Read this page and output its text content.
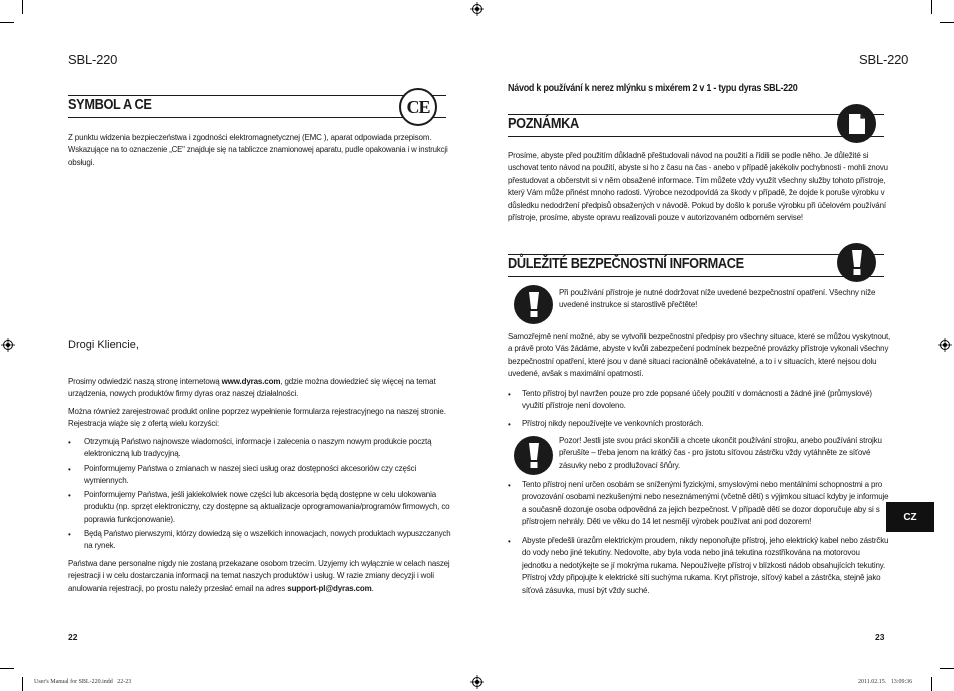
SBL-220
SYMBOL A CE	CE

Z punktu widzenia bezpieczeństwa i zgodności elektromagnetycznej (EMC ), aparat odpowiada przepisom.

Wskazujące na to oznaczenie „CE" znajduje się na tabliczce znamionowej aparatu, pudle opakowania i w instrukcji

obsługi.

Drogi Kliencie,

Prosimy odwiedzić naszą stronę internetową www.dyras.com, gdzie można dowiedzieć się więcej na temat

urządzenia, nowych produktów firmy dyras oraz naszej działalności.

Można również zarejestrować produkt online poprzez wypełnienie formularza rejestracyjnego na naszej stronie.

Rejestracja wiąże się z ofertą wielu korzyści:

• Otrzymują Państwo najnowsze wiadomości, informacje i zalecenia o naszym nowym produkcie pocztą

elektroniczną lub tradycyjną.

• Poinformujemy Państwa o zmianach w naszej sieci usług oraz dostępności akcesoriów czy części

wymiennych.

• Poinformujemy Państwa, jeśli jakiekolwiek nowe części lub akcesoria będą dostępne w celu ulokowania

produktu (np. sprzęt elektroniczny, czy dostępne są aktualizacje oprogramowania/programów firmowych, co

poprawia funkcjonowanie).

• Będą Państwo pierwszymi, którzy dowiedzą się o wszelkich innowacjach, nowych produktach wypuszczanych

na rynek.

Państwa dane personalne nigdy nie zostaną przekazane osobom trzecim. Uzyjemy ich wyłącznie w celach naszej

rejestracji i w celu dostarczania informacji na temat naszych produktów i usług. W razie zmiany decyzji i woli

anulowania rejestracji, po prostu należy przesłać email na adres support-pl@dyras.com.

22
SBL-220
Návod k používání k nerez mlýnku s mixérem 2 v 1 - typu dyras SBL-220
POZNÁMKA

Prosíme, abyste před použitím důkladně přeštudovali návod na použití a řídili se podle něho. Je důležité si

uschovat tento návod na použití, abyste si ho z času na čas - anebo v případě jakékoliv pochybnosti - mohli znovu

přestudovat a občerstvit si v něm obsažené informace. Tím můžete vždy využít všechny služby tohoto přístroje,

který Vám může přinést mnoho radosti. Výrobce nezodpovídá za škody v případě, že dojde k poruše výrobku v

důsledku nedodržení předpisů obsažených v návodě. Pokud by došlo k poruše výrobku při účelovém používání

přístroje, prosíme, abyste opravu realizovali pouze v autorizovaném odborném servise!

DŮLEŽITÉ BEZPEČNOSTNÍ INFORMACE

Při používání přístroje je nutné dodržovat níže uvedené bezpečnostní opatření. Všechny níže

uvedené instrukce si starostlivě přečtěte!

Samozřejmě není možné, aby se vytvořili bezpečnostní předpisy pro všechny situace, které se můžou vyskytnout,

a právě proto Vás žádáme, abyste v kvůli zabezpečení podmínek bezpečné provázky přístroje vykonali všechny

bezpečnostní opatření, které jsou v dané situaci racionálně očekávatelné, a to i v situacích, které nejsou dolu

uvedené, avšak s maximální opatrností.

• Tento přístroj byl navržen pouze pro zde popsané účely použití v domácnosti a žádné jiné (průmyslové)

využití přístroje není dovoleno.

• Přístroj nikdy nepoužívejte ve venkovních prostorách.

Pozor! Jestli jste svou práci skončili a chcete ukončit používání strojku, anebo používání strojku

přerušíte – třeba jenom na krátký čas - pro jistotu síťovou zástrčku vždy vytáhněte ze síťové

zásuvky nebo z prodlužovací šňůry.

• Tento přístroj není určen osobám se sníženými fyzickými, smyslovými nebo mentálními schopnostmi a pro

provozování osobami nezkušenými nebo neseznámenými (včetně dětí) s výjimkou situací kdyby je informuje

a současně dozoruje osoba odpovědná za jejich bezpečnost. V případě dětí se dozor doporučuje aby si s

přístrojem nehrály. Děti ve věku do 14 let nesmějí výrobek používat ani pod dozorem!

• Abyste předešli úrazům elektrickým proudem, nikdy neponořujte přístroj, jeho elektrický kabel nebo zástrčku

do vody nebo jiné tekutiny. Nedovolte, aby byla voda nebo jiná tekutina rozstříkována na motorovou

jednotku a nedotýkejte se jí mokrýma rukama. Nepoužívejte přístroj v blízkosti nádob obsahujících tekutiny.

Přístroj vždy připojujte k elektrické síti suchýma rukama. Kryt přístroje, síťový kabel a zástrčka, stejně jako

síťová zásuvka, musí být vždy suché.

CZ
23
User's Manual for SBL-220.indd   22-23	2011.02.15.   13:09:36
